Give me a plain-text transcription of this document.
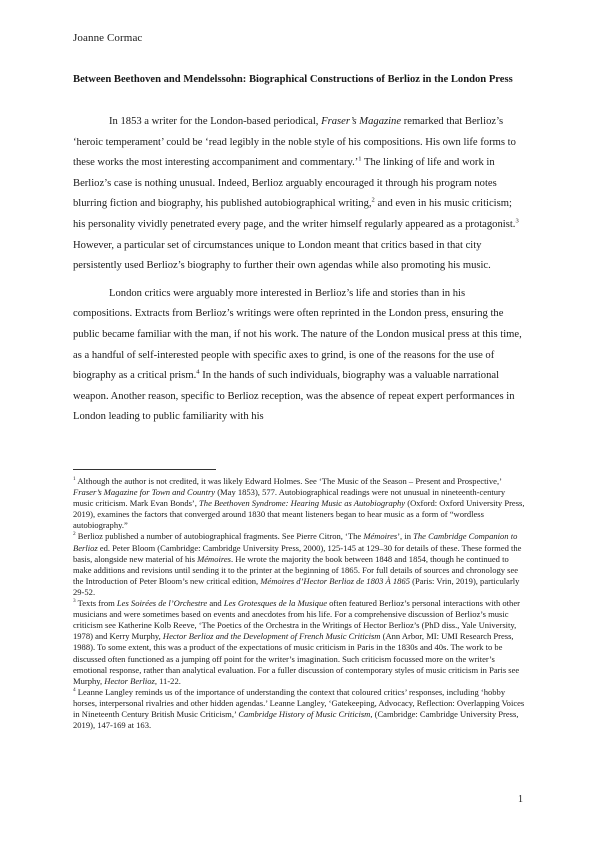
Joanne Cormac
Between Beethoven and Mendelssohn: Biographical Constructions of Berlioz in the London Press

In 1853 a writer for the London-based periodical, Fraser’s Magazine remarked that Berlioz’s ‘heroic temperament’ could be ‘read legibly in the noble style of his compositions. His own life forms to these works the most interesting accompaniment and commentary.’$^1$ The linking of life and work in Berlioz’s case is nothing unusual. Indeed, Berlioz arguably encouraged it through his program notes blurring fiction and biography, his published autobiographical writing,$^2$ and even in his music criticism; his personality vividly penetrated every page, and the writer himself regularly appeared as a protagonist.$^3$ However, a particular set of circumstances unique to London meant that critics based in that city persistently used Berlioz’s biography to further their own agendas while also promoting his music.

London critics were arguably more interested in Berlioz’s life and stories than in his compositions. Extracts from Berlioz’s writings were often reprinted in the London press, ensuring the public became familiar with the man, if not his work. The nature of the London musical press at this time, as a handful of self-interested people with specific axes to grind, is one of the reasons for the use of biography as a critical prism.$^4$ In the hands of such individuals, biography was a valuable narrational weapon. Another reason, specific to Berlioz reception, was the absence of repeat expert performances in London leading to public familiarity with his

$^1$ Although the author is not credited, it was likely Edward Holmes. See ‘The Music of the Season – Present and Prospective,’ Fraser’s Magazine for Town and Country (May 1853), 577. Autobiographical readings were not unusual in nineteenth-century music criticism. Mark Evan Bonds’, The Beethoven Syndrome: Hearing Music as Autobiography (Oxford: Oxford University Press, 2019), examines the factors that converged around 1830 that meant listeners began to hear music as a form of “wordless autobiography.”

$^2$ Berlioz published a number of autobiographical fragments. See Pierre Citron, ‘The Mémoires’, in The Cambridge Companion to Berlioz ed. Peter Bloom (Cambridge: Cambridge University Press, 2000), 125-145 at 129–30 for details of these. These formed the basis, alongside new material of his Mémoires. He wrote the majority the book between 1848 and 1854, though he continued to make additions and revisions until sending it to the printer at the beginning of 1865. For full details of sources and chronology see the Introduction of Peter Bloom’s new critical edition, Mémoires d’Hector Berlioz de 1803 À 1865 (Paris: Vrin, 2019), particularly 29-52.

$^3$ Texts from Les Soirées de l’Orchestre and Les Grotesques de la Musique often featured Berlioz’s personal interactions with other musicians and were sometimes based on events and anecdotes from his life. For a comprehensive discussion of Berlioz’s music criticism see Katherine Kolb Reeve, ‘The Poetics of the Orchestra in the Writings of Hector Berlioz’s (PhD diss., Yale University, 1978) and Kerry Murphy, Hector Berlioz and the Development of French Music Criticism (Ann Arbor, MI: UMI Research Press, 1988). To some extent, this was a product of the expectations of music criticism in Paris in the 1830s and 40s. The work to be discussed often functioned as a jumping off point for the writer’s imagination. Such criticism focussed more on the writer’s emotional response, rather than analytical evaluation. For a fuller discussion of contemporary styles of music criticism in Paris see Murphy, Hector Berlioz, 11-22.

$^4$ Leanne Langley reminds us of the importance of understanding the context that coloured critics’ responses, including ‘hobby horses, interpersonal rivalries and other hidden agendas.’ Leanne Langley, ‘Gatekeeping, Advocacy, Reflection: Overlapping Voices in Nineteenth Century British Music Criticism,’ Cambridge History of Music Criticism, (Cambridge: Cambridge University Press, 2019), 147-169 at 163.

1
